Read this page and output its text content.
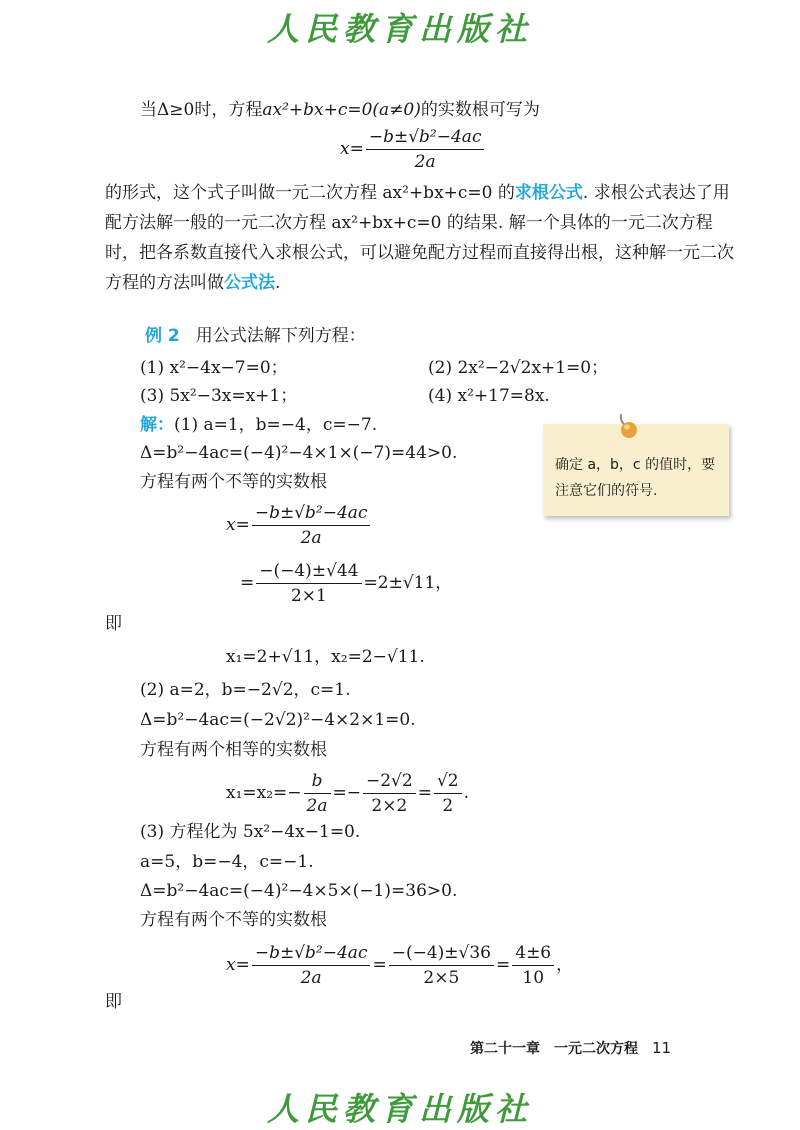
人民教育出版社
当Δ≥0时，方程ax²+bx+c=0(a≠0)的实数根可写为
$x= \frac{\text{−b±√b²−4ac}}{2a}$
的形式，这个式子叫做一元二次方程 ax²+bx+c=0 的求根公式. 求根公式表达了用配方法解一般的一元二次方程 ax²+bx+c=0 的结果. 解一个具体的一元二次方程时，把各系数直接代入求根公式，可以避免配方过程而直接得出根，这种解一元二次方程的方法叫做公式法.
例 2 用公式法解下列方程：
(1) x²−4x−7=0；	(2) 2x²−2√2x+1=0；
(3) 5x²−3x=x+1；	(4) x²+17=8x.
解：(1) a=1，b=−4，c=−7.
Δ=b²−4ac=(−4)²−4×1×(−7)=44>0.
方程有两个不等的实数根
$x= \frac{\text{−b±√b²−4ac}}{2a}$
= $\frac{-(-4)\pm√44}{2\times 1} =2\pm√11$，
即
x₁=2+√11，x₂=2−√11.
(2) a=2，b=−2√2，c=1.
Δ=b²−4ac=(−2√2)²−4×2×1=0.
方程有两个相等的实数根
$x_1=x_2=- \frac{b}{2a} =- \frac{-2√2}{2\times 2} = \frac{√2}{2}$ .
(3) 方程化为 5x²−4x−1=0.
a=5，b=−4，c=−1.
Δ=b²−4ac=(−4)²−4×5×(−1)=36>0.
方程有两个不等的实数根
$x= \frac{\text{−b±√b²−4ac}}{2a} = \frac{-(-4)\pm√36}{2\times 5} = \frac{4\pm 6}{10}$ ，
即
确定 a，b，c 的值时，要注意它们的符号.
第二十一章　一元二次方程 11
人民教育出版社
